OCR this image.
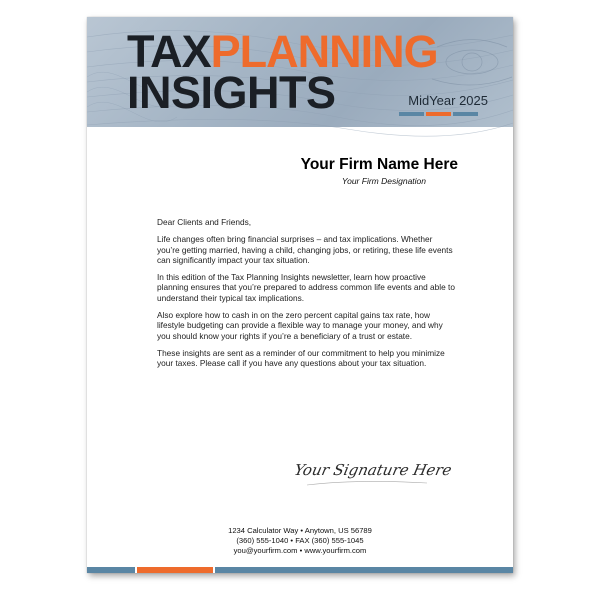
TAXPLANNING
INSIGHTS	MidYear 2025
Your Firm Name Here
Your Firm Designation

Dear Clients and Friends,

Life changes often bring financial surprises – and tax implications. Whether you’re getting married, having a child, changing jobs, or retiring, these life events can significantly impact your tax situation.

In this edition of the Tax Planning Insights newsletter, learn how proactive planning ensures that you’re prepared to address common life events and able to understand their typical tax implications.

Also explore how to cash in on the zero percent capital gains tax rate, how lifestyle budgeting can provide a flexible way to manage your money, and why you should know your rights if you’re a beneficiary of a trust or estate.

These insights are sent as a reminder of our commitment to help you minimize your taxes. Please call if you have any questions about your tax situation.

Your Signature Here
1234 Calculator Way • Anytown, US 56789
(360) 555-1040 • FAX (360) 555-1045
you@yourfirm.com • www.yourfirm.com
